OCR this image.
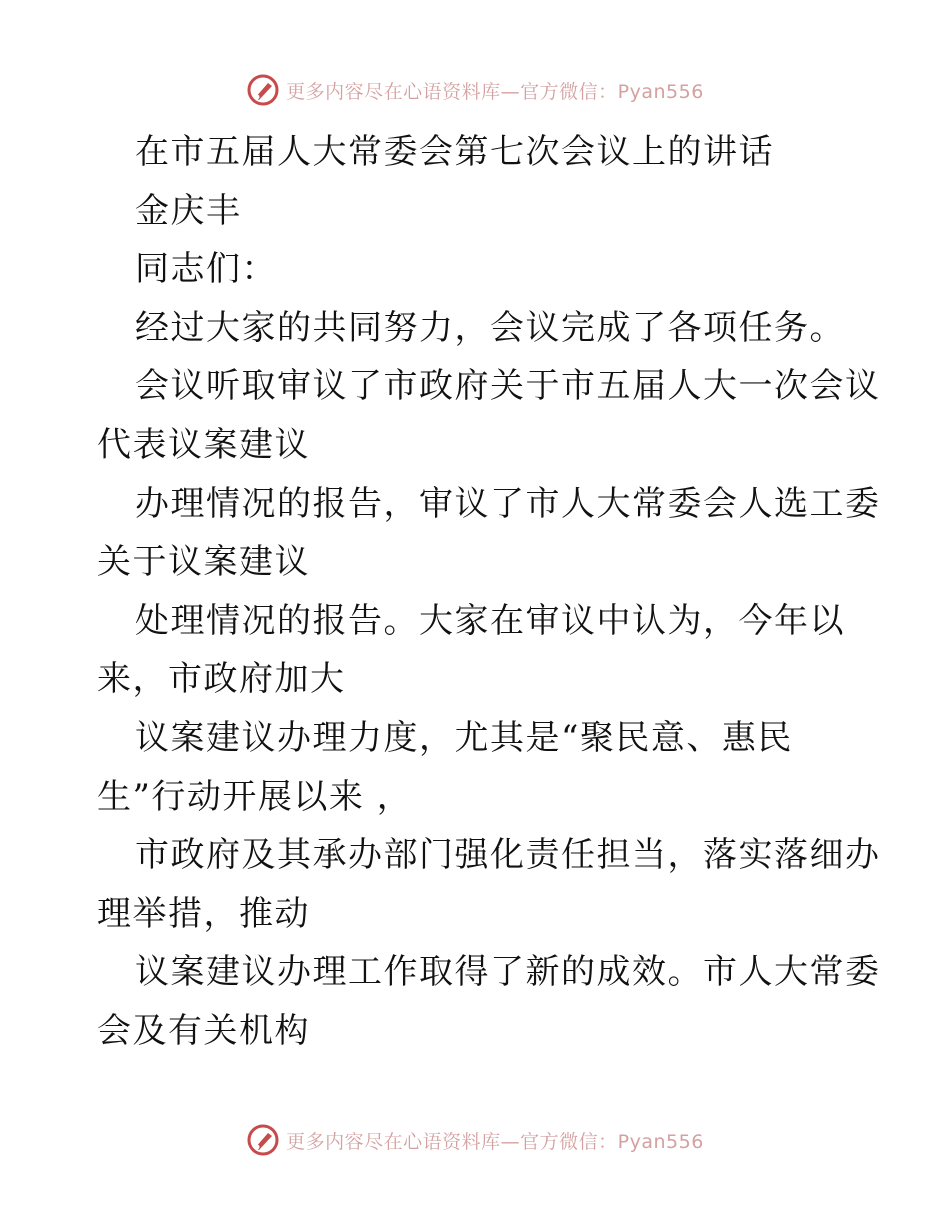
更多内容尽在心语资料库—官方微信：Pyan556
在市五届人大常委会第七次会议上的讲话
金庆丰
同志们：
经过大家的共同努力，会议完成了各项任务。
会议听取审议了市政府关于市五届人大一次会议
代表议案建议
办理情况的报告，审议了市人大常委会人选工委
关于议案建议
处理情况的报告。大家在审议中认为，今年以
来，市政府加大
议案建议办理力度，尤其是“聚民意、惠民
生”行动开展以来 ，
市政府及其承办部门强化责任担当，落实落细办
理举措，推动
议案建议办理工作取得了新的成效。市人大常委
会及有关机构
更多内容尽在心语资料库—官方微信：Pyan556
